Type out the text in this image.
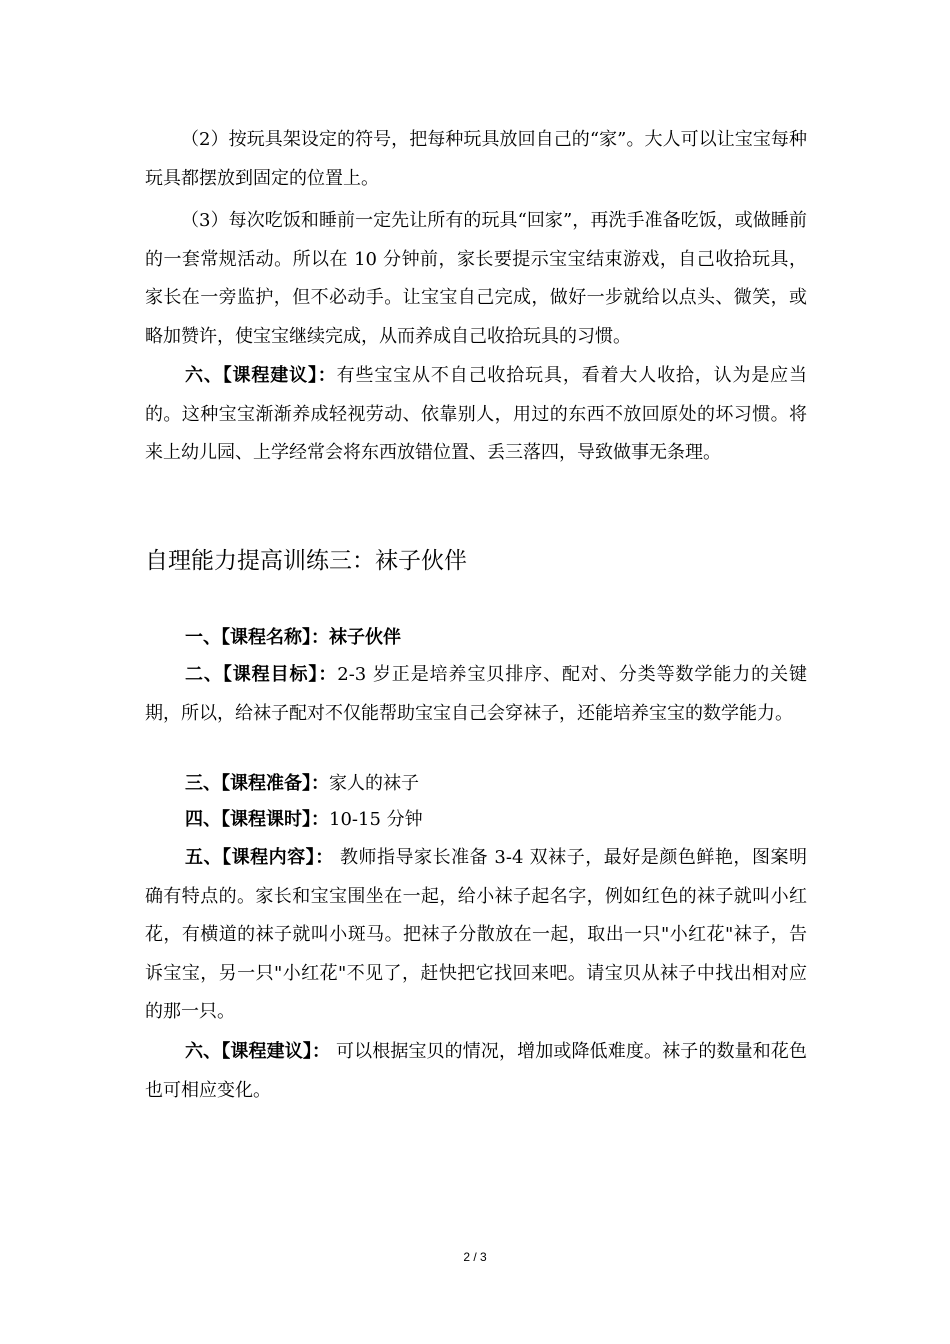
（2）按玩具架设定的符号，把每种玩具放回自己的“家”。大人可以让宝宝每种玩具都摆放到固定的位置上。

（3）每次吃饭和睡前一定先让所有的玩具“回家”，再洗手准备吃饭，或做睡前的一套常规活动。所以在 10 分钟前，家长要提示宝宝结束游戏，自己收拾玩具，家长在一旁监护，但不必动手。让宝宝自己完成，做好一步就给以点头、微笑，或略加赞许，使宝宝继续完成，从而养成自己收拾玩具的习惯。

六、【课程建议】：有些宝宝从不自己收拾玩具，看着大人收拾，认为是应当的。这种宝宝渐渐养成轻视劳动、依靠别人，用过的东西不放回原处的坏习惯。将来上幼儿园、上学经常会将东西放错位置、丢三落四，导致做事无条理。

自理能力提高训练三：袜子伙伴

一、【课程名称】：袜子伙伴

二、【课程目标】：2-3 岁正是培养宝贝排序、配对、分类等数学能力的关键期，所以，给袜子配对不仅能帮助宝宝自己会穿袜子，还能培养宝宝的数学能力。

三、【课程准备】：家人的袜子

四、【课程课时】：10-15 分钟

五、【课程内容】： 教师指导家长准备 3-4 双袜子，最好是颜色鲜艳，图案明确有特点的。家长和宝宝围坐在一起，给小袜子起名字，例如红色的袜子就叫小红花，有横道的袜子就叫小斑马。把袜子分散放在一起，取出一只"小红花"袜子，告诉宝宝，另一只"小红花"不见了，赶快把它找回来吧。请宝贝从袜子中找出相对应的那一只。

六、【课程建议】： 可以根据宝贝的情况，增加或降低难度。袜子的数量和花色也可相应变化。

2 / 3
